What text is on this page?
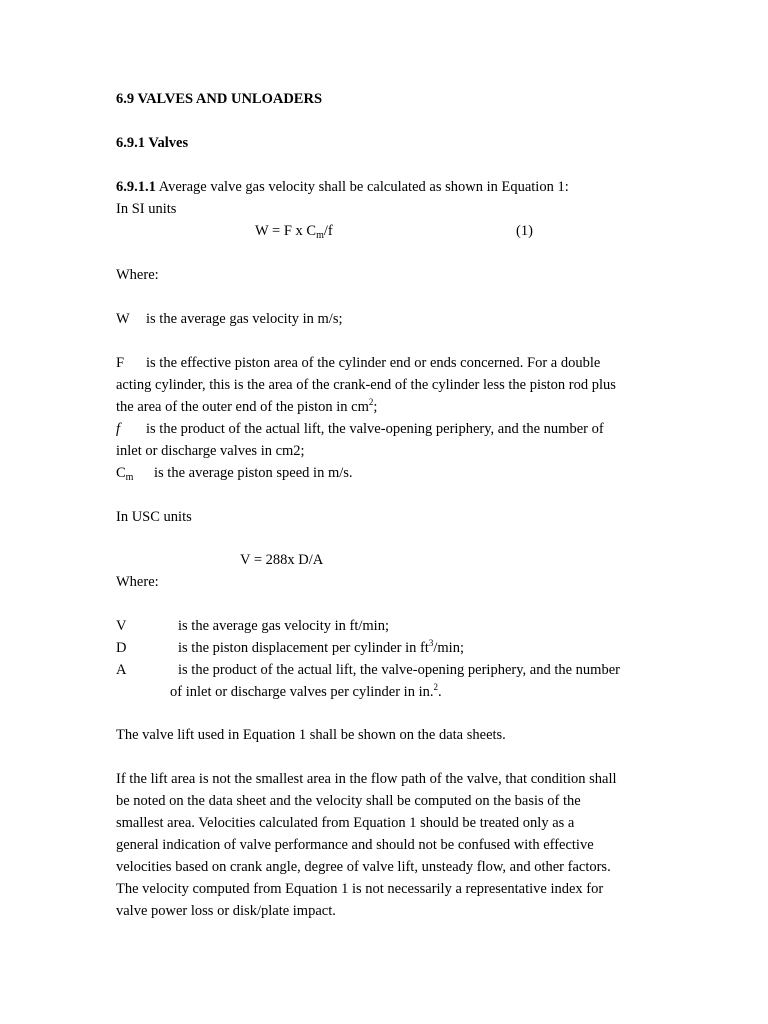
6.9 VALVES AND UNLOADERS
6.9.1 Valves
6.9.1.1 Average valve gas velocity shall be calculated as shown in Equation 1:
In SI units
W = F x $C_m/f$	(1)
Where:
W is the average gas velocity in m/s;
F is the effective piston area of the cylinder end or ends concerned. For a double
acting cylinder, this is the area of the crank-end of the cylinder less the piston rod plus
the area of the outer end of the piston in $cm^2$;
f is the product of the actual lift, the valve-opening periphery, and the number of
inlet or discharge valves in cm2;
$C_m$ is the average piston speed in m/s.
In USC units
V = 288x D/A
Where:
V	is the average gas velocity in ft/min;
D	is the piston displacement per cylinder in $ft^3/\min$;
A	is the product of the actual lift, the valve-opening periphery, and the number
of inlet or discharge valves per cylinder in in.$^2$.
The valve lift used in Equation 1 shall be shown on the data sheets.
If the lift area is not the smallest area in the flow path of the valve, that condition shall
be noted on the data sheet and the velocity shall be computed on the basis of the
smallest area. Velocities calculated from Equation 1 should be treated only as a
general indication of valve performance and should not be confused with effective
velocities based on crank angle, degree of valve lift, unsteady flow, and other factors.
The velocity computed from Equation 1 is not necessarily a representative index for
valve power loss or disk/plate impact.
